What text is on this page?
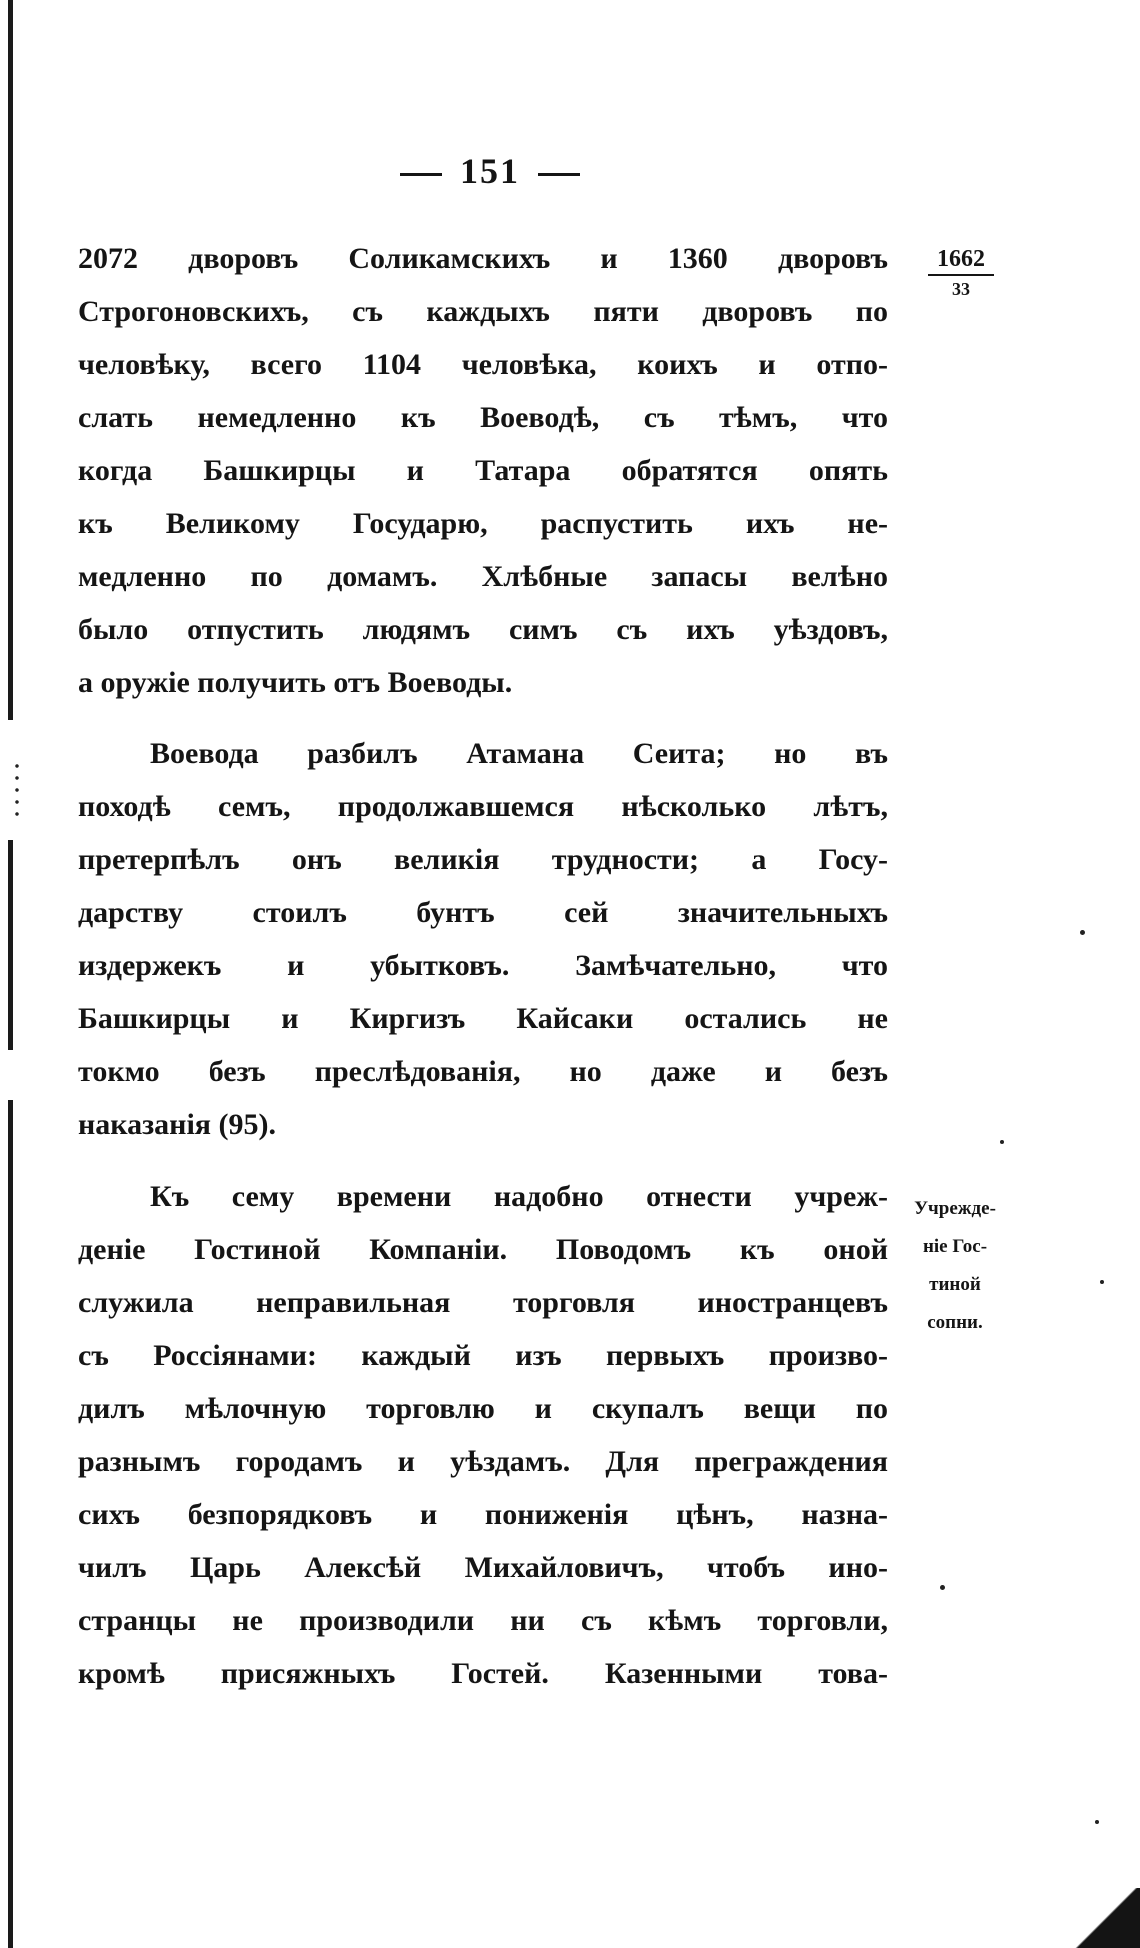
151
1662
33
2072 дворовъ Соликамскихъ и 1360 дворовъ
Строгоновскихъ, съ каждыхъ пяти дворовъ по
человѣку, всего 1104 человѣка, коихъ и отпо-
слать немедленно къ Воеводѣ, съ тѣмъ, что
когда Башкирцы и Татара обратятся опять
къ Великому Государю, распустить ихъ не-
медленно по домамъ. Хлѣбные запасы велѣно
было отпустить людямъ симъ съ ихъ уѣздовъ,
а оружіе получить отъ Воеводы.
Воевода разбилъ Атамана Сеита; но въ
походѣ семъ, продолжавшемся нѣсколько лѣтъ,
претерпѣлъ онъ великія трудности; а Госу-
дарству стоилъ бунтъ сей значительныхъ
издержекъ и убытковъ. Замѣчательно, что
Башкирцы и Киргизъ Кайсаки остались не
токмо безъ преслѣдованія, но даже и безъ
наказанія (95).
Учрежде-
ніе Гос-
тиной
сопни.
Къ сему времени надобно отнести учреж-
деніе Гостиной Компаніи. Поводомъ къ оной
служила неправильная торговля иностранцевъ
съ Россіянами: каждый изъ первыхъ произво-
дилъ мѣлочную торговлю и скупалъ вещи по
разнымъ городамъ и уѣздамъ. Для преграждения
сихъ безпорядковъ и пониженія цѣнъ, назна-
чилъ Царь Алексѣй Михайловичъ, чтобъ ино-
странцы не производили ни съ кѣмъ торговли,
кромѣ присяжныхъ Гостей. Казенными това-
